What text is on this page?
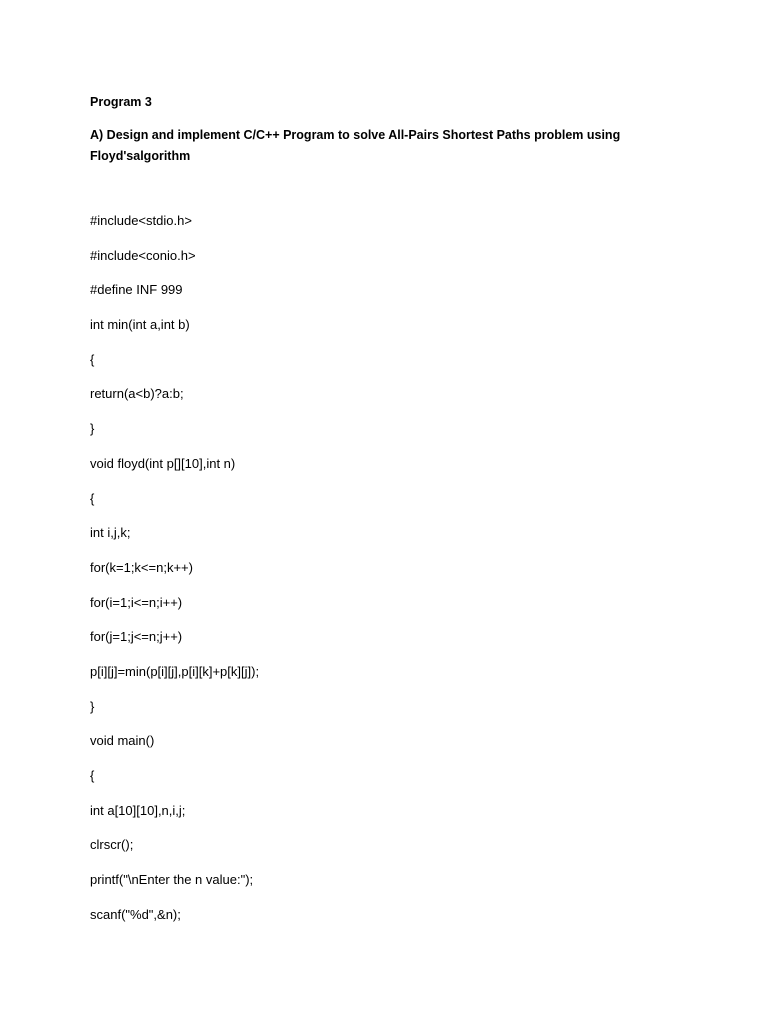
Program 3
A) Design and implement C/C++ Program to solve All-Pairs Shortest Paths problem using
Floyd'salgorithm
#include<stdio.h>
#include<conio.h>
#define INF 999
int min(int a,int b)
{
return(a<b)?a:b;
}
void floyd(int p[][10],int n)
{
int i,j,k;
for(k=1;k<=n;k++)
for(i=1;i<=n;i++)
for(j=1;j<=n;j++)
p[i][j]=min(p[i][j],p[i][k]+p[k][j]);
}
void main()
{
int a[10][10],n,i,j;
clrscr();
printf("\nEnter the n value:");
scanf("%d",&n);
